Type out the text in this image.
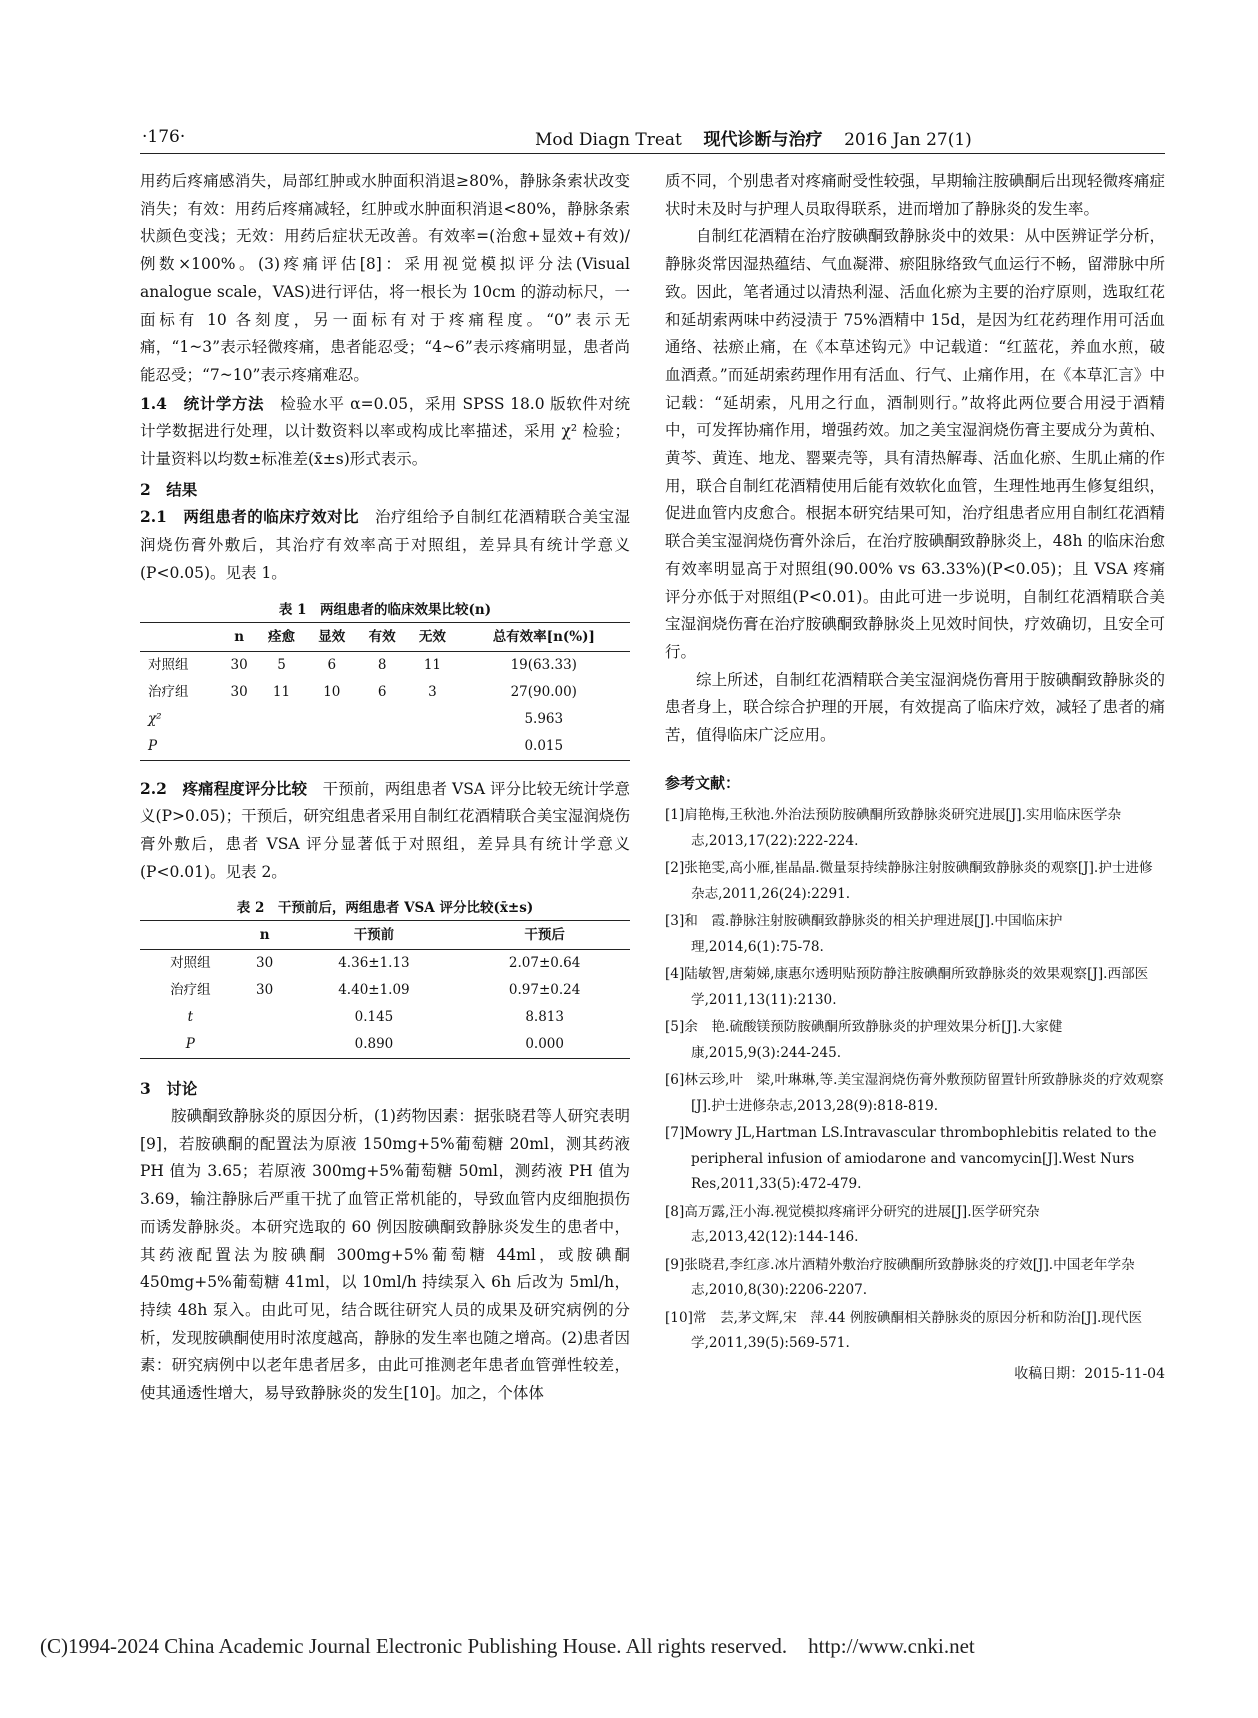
·176·	Mod Diagn Treat 现代诊断与治疗 2016 Jan 27(1)

用药后疼痛感消失，局部红肿或水肿面积消退≥80%，静脉条索状改变消失；有效：用药后疼痛减轻，红肿或水肿面积消退<80%，静脉条索状颜色变浅；无效：用药后症状无改善。有效率=(治愈+显效+有效)/例数×100%。(3)疼痛评估[8]：采用视觉模拟评分法(Visual analogue scale，VAS)进行评估，将一根长为 10cm 的游动标尺，一面标有 10 各刻度，另一面标有对于疼痛程度。“0”表示无痛，“1~3”表示轻微疼痛，患者能忍受；“4~6”表示疼痛明显，患者尚能忍受；“7~10”表示疼痛难忍。

1.4　统计学方法　检验水平 α=0.05，采用 SPSS 18.0 版软件对统计学数据进行处理，以计数资料以率或构成比率描述，采用 χ² 检验；计量资料以均数±标准差(x̄±s)形式表示。

2　结果

2.1　两组患者的临床疗效对比　治疗组给予自制红花酒精联合美宝湿润烧伤膏外敷后，其治疗有效率高于对照组，差异具有统计学意义(P<0.05)。见表 1。

表 1　两组患者的临床效果比较(n)
	n	痊愈	显效	有效	无效	总有效率[n(%)]
对照组	30	5	6	8	11	19(63.33)
治疗组	30	11	10	6	3	27(90.00)
χ²						5.963
P						0.015

2.2　疼痛程度评分比较　干预前，两组患者 VSA 评分比较无统计学意义(P>0.05)；干预后，研究组患者采用自制红花酒精联合美宝湿润烧伤膏外敷后，患者 VSA 评分显著低于对照组，差异具有统计学意义(P<0.01)。见表 2。

表 2　干预前后，两组患者 VSA 评分比较(x̄±s)
	n	干预前	干预后
对照组	30	4.36±1.13	2.07±0.64
治疗组	30	4.40±1.09	0.97±0.24
t		0.145	8.813
P		0.890	0.000

3　讨论

胺碘酮致静脉炎的原因分析，(1)药物因素：据张晓君等人研究表明[9]，若胺碘酮的配置法为原液 150mg+5%葡萄糖 20ml，测其药液 PH 值为 3.65；若原液 300mg+5%葡萄糖 50ml，测药液 PH 值为 3.69，输注静脉后严重干扰了血管正常机能的，导致血管内皮细胞损伤而诱发静脉炎。本研究选取的 60 例因胺碘酮致静脉炎发生的患者中，其药液配置法为胺碘酮 300mg+5%葡萄糖 44ml，或胺碘酮 450mg+5%葡萄糖 41ml，以 10ml/h 持续泵入 6h 后改为 5ml/h，持续 48h 泵入。由此可见，结合既往研究人员的成果及研究病例的分析，发现胺碘酮使用时浓度越高，静脉的发生率也随之增高。(2)患者因素：研究病例中以老年患者居多，由此可推测老年患者血管弹性较差，使其通透性增大，易导致静脉炎的发生[10]。加之，个体体

质不同，个别患者对疼痛耐受性较强，早期输注胺碘酮后出现轻微疼痛症状时未及时与护理人员取得联系，进而增加了静脉炎的发生率。

自制红花酒精在治疗胺碘酮致静脉炎中的效果：从中医辨证学分析，静脉炎常因湿热蕴结、气血凝滞、瘀阻脉络致气血运行不畅，留滞脉中所致。因此，笔者通过以清热利湿、活血化瘀为主要的治疗原则，选取红花和延胡索两味中药浸渍于 75%酒精中 15d，是因为红花药理作用可活血通络、祛瘀止痛，在《本草述钩元》中记载道：“红蓝花，养血水煎，破血酒煮。”而延胡索药理作用有活血、行气、止痛作用，在《本草汇言》中记载：“延胡索，凡用之行血，酒制则行。”故将此两位要合用浸于酒精中，可发挥协痛作用，增强药效。加之美宝湿润烧伤膏主要成分为黄柏、黄芩、黄连、地龙、罂粟壳等，具有清热解毒、活血化瘀、生肌止痛的作用，联合自制红花酒精使用后能有效软化血管，生理性地再生修复组织，促进血管内皮愈合。根据本研究结果可知，治疗组患者应用自制红花酒精联合美宝湿润烧伤膏外涂后，在治疗胺碘酮致静脉炎上，48h 的临床治愈有效率明显高于对照组(90.00% vs 63.33%)(P<0.05)；且 VSA 疼痛评分亦低于对照组(P<0.01)。由此可进一步说明，自制红花酒精联合美宝湿润烧伤膏在治疗胺碘酮致静脉炎上见效时间快，疗效确切，且安全可行。

综上所述，自制红花酒精联合美宝湿润烧伤膏用于胺碘酮致静脉炎的患者身上，联合综合护理的开展，有效提高了临床疗效，减轻了患者的痛苦，值得临床广泛应用。

参考文献：
[1]肩艳梅,王秋池.外治法预防胺碘酮所致静脉炎研究进展[J].实用临床医学杂志,2013,17(22):222-224.
[2]张艳雯,高小雁,崔晶晶.微量泵持续静脉注射胺碘酮致静脉炎的观察[J].护士进修杂志,2011,26(24):2291.
[3]和　霞.静脉注射胺碘酮致静脉炎的相关护理进展[J].中国临床护理,2014,6(1):75-78.
[4]陆敏智,唐菊娣,康惠尔透明贴预防静注胺碘酮所致静脉炎的效果观察[J].西部医学,2011,13(11):2130.
[5]余　艳.硫酸镁预防胺碘酮所致静脉炎的护理效果分析[J].大家健康,2015,9(3):244-245.
[6]林云珍,叶　梁,叶琳琳,等.美宝湿润烧伤膏外敷预防留置针所致静脉炎的疗效观察[J].护士进修杂志,2013,28(9):818-819.
[7]Mowry JL,Hartman LS.Intravascular thrombophlebitis related to the peripheral infusion of amiodarone and vancomycin[J].West Nurs Res,2011,33(5):472-479.
[8]高万露,汪小海.视觉模拟疼痛评分研究的进展[J].医学研究杂志,2013,42(12):144-146.
[9]张晓君,李红彦.冰片酒精外敷治疗胺碘酮所致静脉炎的疗效[J].中国老年学杂志,2010,8(30):2206-2207.
[10]常　芸,茅文辉,宋　萍.44 例胺碘酮相关静脉炎的原因分析和防治[J].现代医学,2011,39(5):569-571.
收稿日期：2015-11-04
(C)1994-2024 China Academic Journal Electronic Publishing House. All rights reserved.　http://www.cnki.net
